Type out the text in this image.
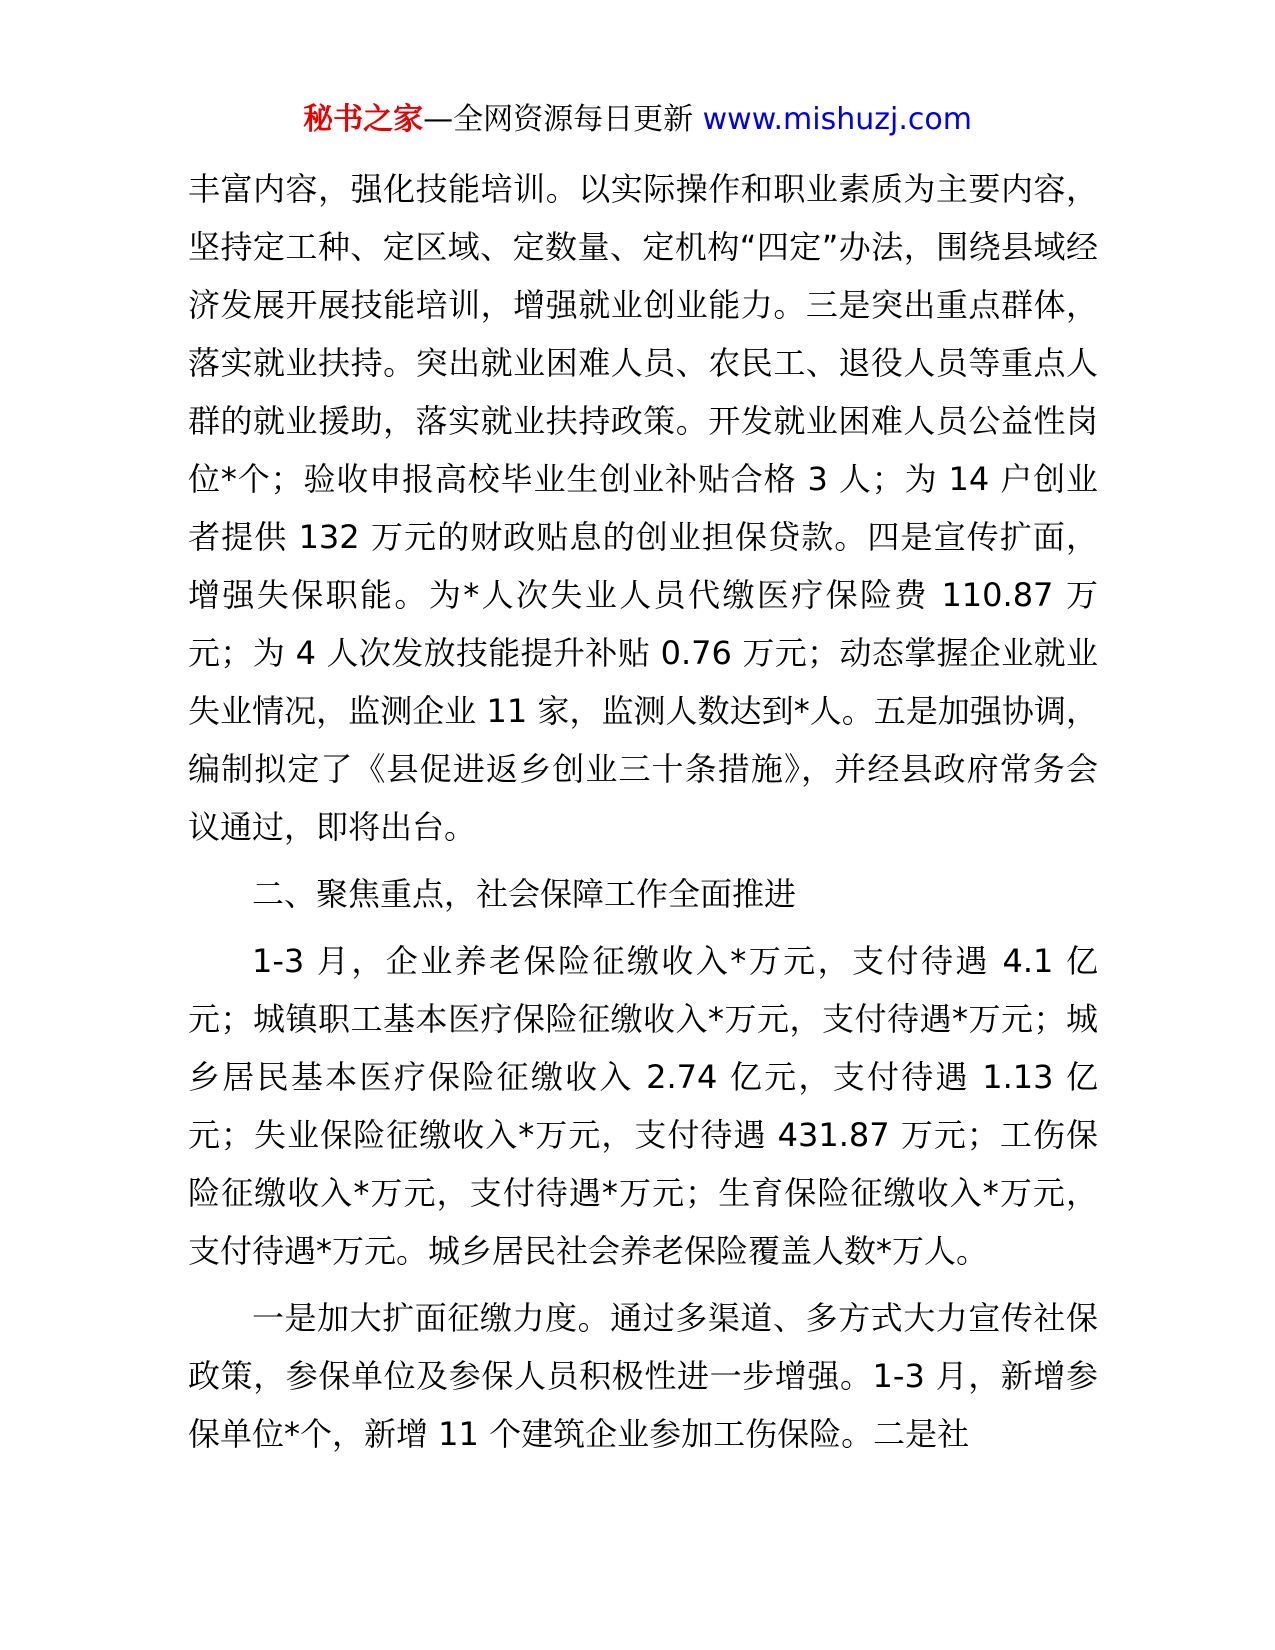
秘书之家—全网资源每日更新 www.mishuzj.com

丰富内容，强化技能培训。以实际操作和职业素质为主要内容，坚持定工种、定区域、定数量、定机构“四定”办法，围绕县域经济发展开展技能培训，增强就业创业能力。三是突出重点群体，落实就业扶持。突出就业困难人员、农民工、退役人员等重点人群的就业援助，落实就业扶持政策。开发就业困难人员公益性岗位*个；验收申报高校毕业生创业补贴合格 3 人；为 14 户创业者提供 132 万元的财政贴息的创业担保贷款。四是宣传扩面，增强失保职能。为*人次失业人员代缴医疗保险费 110.87 万元；为 4 人次发放技能提升补贴 0.76 万元；动态掌握企业就业失业情况，监测企业 11 家，监测人数达到*人。五是加强协调，编制拟定了《县促进返乡创业三十条措施》，并经县政府常务会议通过，即将出台。

二、聚焦重点，社会保障工作全面推进

1-3 月，企业养老保险征缴收入*万元，支付待遇 4.1 亿元；城镇职工基本医疗保险征缴收入*万元，支付待遇*万元；城乡居民基本医疗保险征缴收入 2.74 亿元，支付待遇 1.13 亿元；失业保险征缴收入*万元，支付待遇 431.87 万元；工伤保险征缴收入*万元，支付待遇*万元；生育保险征缴收入*万元，支付待遇*万元。城乡居民社会养老保险覆盖人数*万人。

一是加大扩面征缴力度。通过多渠道、多方式大力宣传社保政策，参保单位及参保人员积极性进一步增强。1-3 月，新增参保单位*个，新增 11 个建筑企业参加工伤保险。二是社
